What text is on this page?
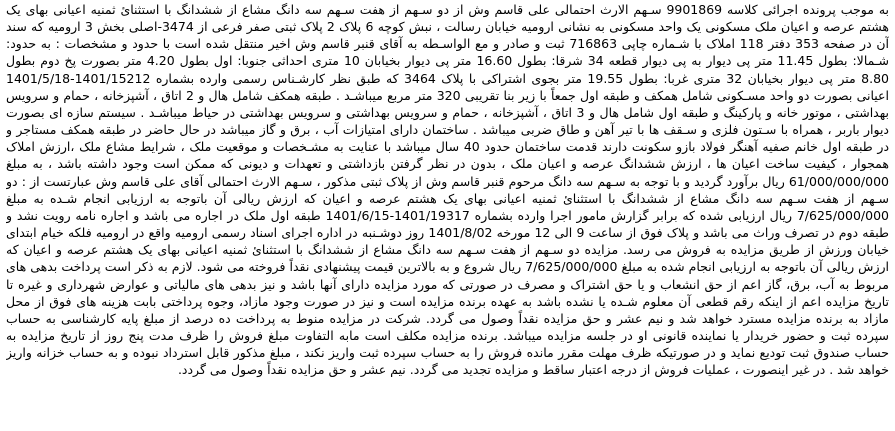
به موجب پرونده اجرائی کلاسه 9901869 سـهم الارث احتمالی علی قاسم وش از دو سـهم از هفت سـهم سه دانگ مشاع از ششدانگ با استثنائ ثمنیه اعیانی بهای یک هشتم عرصه و اعیان ملک مسکونی یک واحد مسکونی به نشانی ارومیه خیابان رسالت ، نبش کوچه 6 پلاک 2 پلاک ثبتی صفر فرعی از 3474-اصلی بخش 3 ارومیه که سند آن در صفحه 353 دفتر 118 املاک با شـماره چاپی 716863 ثبت و صادر و مع الواسـطه به آقای قنبر قاسم وش اخیر منتقل شده است با حدود و مشخصات : به حدود: شـمالا: بطول 11.45 متر پی دیوار به پی دیوار قطعه 34 شرقا: بطول 16.60 متر پی دیوار بخیابان 10 متری احداثی جنوبا: اول بطول 4.20 متر بصورت پخ دوم بطول 8.80 متر پی دیوار بخیابان 32 متری غربا: بطول 19.55 متر بجوی اشتراکی با پلاک 3464 که طبق نظر کارشـناس رسمی وارده بشماره 1401/15212-1401/5/18 اعیانی بصورت دو واحد مسـکونی شامل همکف و طبقه اول جمعاً با زیر بنا تقریبی 320 متر مربع میباشـد . طبقه همکف شامل هال و 2 اتاق ، آشپزخانه ، حمام و سرویس بهداشتی ، موتور خانه و پارکینگ و طبقه اول شامل هال و 3 اتاق ، آشپزخانه ، حمام و سرویس بهداشتی و سرویس بهداشتی در حیاط میباشـد . سیستم سازه ای بصورت دیوار باربر ، همراه با سـتون فلزی و سـقف ها با تیر آهن و طاق ضربی میباشد . ساختمان دارای امتیازات آب ، برق و گاز میباشد در حال حاضر در طبقه همکف مستاجر و در طبقه اول خانم صفیه آهنگر فولاد بازو سکونت دارند قدمت ساختمان حدود 40 سال میباشد با عنایت به مشـخصات و موقعیت ملک ، شرایط مشاع ملک ،ارزش املاک همجوار ، کیفیت ساخت اعیان ها ، ارزش ششدانگ عرصه و اعیان ملک ، بدون در نظر گرفتن بازداشتی و تعهدات و دیونی که ممکن است وجود داشته باشد ، به مبلغ 61/000/000/000 ریال برآورد گردید و با توجه به سـهم سه دانگ مرحوم قنبر قاسم وش از پلاک ثبتی مذکور ، سـهم الارث احتمالی آقای علی قاسم وش عبارتست از : دو سـهم از هفت سـهم سه دانگ مشاع از ششدانگ با استثنائ ثمنیه اعیانی بهای یک هشتم عرصه و اعیان که ارزش ریالی آن باتوجه به ارزیابی انجام شـده به مبلغ 7/625/000/000 ریال ارزیابی شده که برابر گزارش مامور اجرا وارده بشماره 1401/19317-1401/6/15 طبقه اول ملک در اجاره می باشد و اجاره نامه رویت نشد و طبقه دوم در تصرف وراث می باشد و پلاک فوق از ساعت 9 الی 12 مورخه 1401/8/02 روز دوشـنبه در اداره اجرای اسناد رسمی ارومیه واقع در ارومیه فلکه خیام ابتدای خیابان ورزش از طریق مزایده به فروش می رسد. مزایده دو سـهم از هفت سـهم سه دانگ مشاع از ششدانگ با استثنائ ثمنیه اعیانی بهای یک هشتم عرصه و اعیان که ارزش ریالی آن باتوجه به ارزیابی انجام شده به مبلغ 7/625/000/000 ریال شروع و به بالاترین قیمت پیشنهادی نقداً فروخته می شود. لازم به ذکر است پرداخت بدهی های مربوط به آب، برق، گاز اعم از حق انشعاب و یا حق اشتراک و مصرف در صورتی که مورد مزایده دارای آنها باشد و نیز بدهی های مالیاتی و عوارض شهرداری و غیره تا تاریخ مزایده اعم از اینکه رقم قطعی آن معلوم شـده یا نشده باشد به عهده برنده مزایده است و نیز در صورت وجود مازاد، وجوه پرداختی بابت هزینه های فوق از محل مازاد به برنده مزایده مسترد خواهد شد و نیم عشر و حق مزایده نقداً وصول می گردد. شرکت در مزایده منوط به پرداخت ده درصد از مبلغ پایه کارشناسی به حساب سپرده ثبت و حضور خریدار یا نماینده قانونی او در جلسه مزایده میباشد. برنده مزایده مکلف است مابه التفاوت مبلغ فروش را ظرف مدت پنج روز از تاریخ مزایده به حساب صندوق ثبت تودیع نماید و در صورتیکه ظرف مهلت مقرر مانده فروش را به حساب سپرده ثبت واریز نکند ، مبلغ مذکور قابل استرداد نبوده و به حساب خزانه واریز خواهد شد . در غیر اینصورت ، عملیات فروش از درجه اعتبار ساقط و مزایده تجدید می گردد. نیم عشر و حق مزایده نقداً وصول می گردد.
